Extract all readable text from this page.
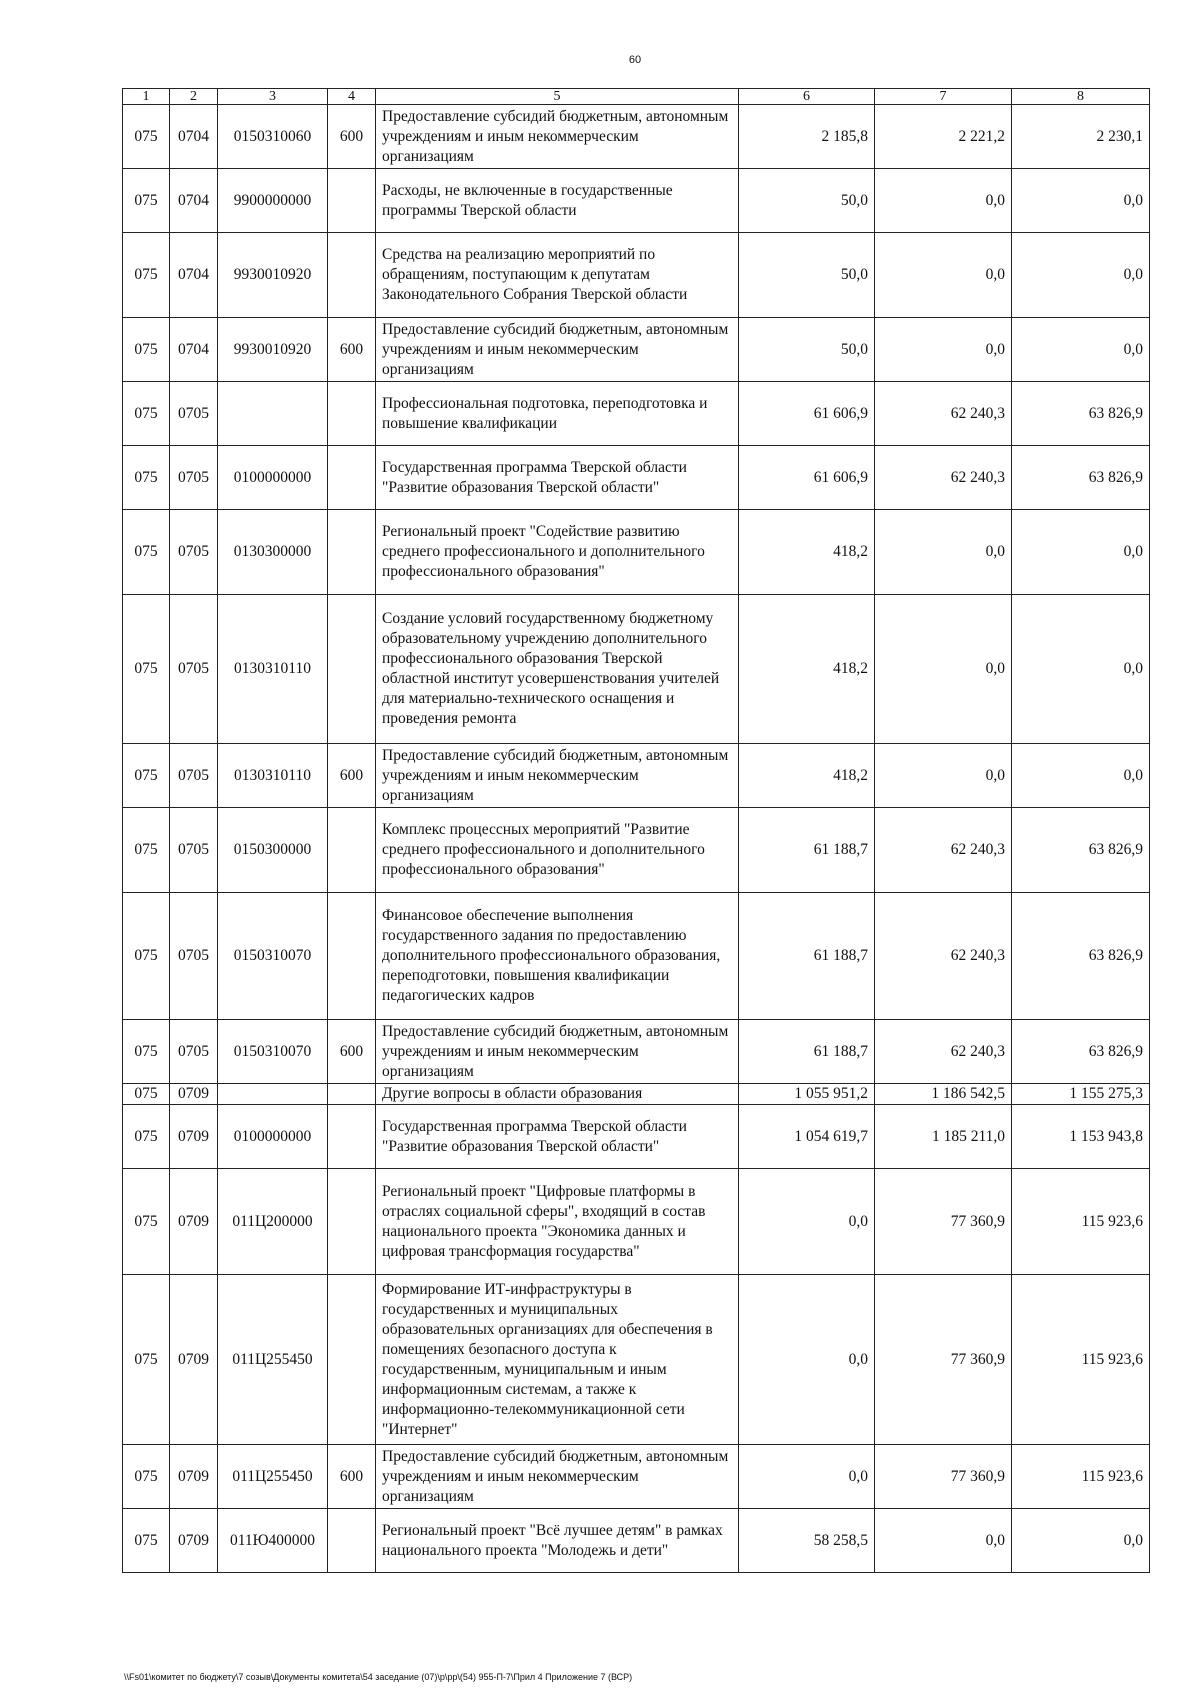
60
1	2	3	4	5	6	7	8
075	0704	0150310060	600	Предоставление субсидий бюджетным, автономным учреждениям и иным некоммерческим организациям	2 185,8	2 221,2	2 230,1
075	0704	9900000000		Расходы, не включенные в государственные программы Тверской области	50,0	0,0	0,0
075	0704	9930010920		Средства на реализацию мероприятий по обращениям, поступающим к депутатам Законодательного Собрания Тверской области	50,0	0,0	0,0
075	0704	9930010920	600	Предоставление субсидий бюджетным, автономным учреждениям и иным некоммерческим организациям	50,0	0,0	0,0
075	0705			Профессиональная подготовка, переподготовка и повышение квалификации	61 606,9	62 240,3	63 826,9
075	0705	0100000000		Государственная программа Тверской области "Развитие образования Тверской области"	61 606,9	62 240,3	63 826,9
075	0705	0130300000		Региональный проект "Содействие развитию среднего профессионального и дополнительного профессионального образования"	418,2	0,0	0,0
075	0705	0130310110		Создание условий государственному бюджетному образовательному учреждению дополнительного профессионального образования Тверской областной институт усовершенствования учителей для материально-технического оснащения и проведения ремонта	418,2	0,0	0,0
075	0705	0130310110	600	Предоставление субсидий бюджетным, автономным учреждениям и иным некоммерческим организациям	418,2	0,0	0,0
075	0705	0150300000		Комплекс процессных мероприятий "Развитие среднего профессионального и дополнительного профессионального образования"	61 188,7	62 240,3	63 826,9
075	0705	0150310070		Финансовое обеспечение выполнения государственного задания по предоставлению дополнительного профессионального образования, переподготовки, повышения квалификации педагогических кадров	61 188,7	62 240,3	63 826,9
075	0705	0150310070	600	Предоставление субсидий бюджетным, автономным учреждениям и иным некоммерческим организациям	61 188,7	62 240,3	63 826,9
075	0709			Другие вопросы в области образования	1 055 951,2	1 186 542,5	1 155 275,3
075	0709	0100000000		Государственная программа Тверской области "Развитие образования Тверской области"	1 054 619,7	1 185 211,0	1 153 943,8
075	0709	011Ц200000		Региональный проект "Цифровые платформы в отраслях социальной сферы", входящий в состав национального проекта "Экономика данных и цифровая трансформация государства"	0,0	77 360,9	115 923,6
075	0709	011Ц255450		Формирование ИТ-инфраструктуры в государственных и муниципальных образовательных организациях для обеспечения в помещениях безопасного доступа к государственным, муниципальным и иным информационным системам, а также к информационно-телекоммуникационной сети "Интернет"	0,0	77 360,9	115 923,6
075	0709	011Ц255450	600	Предоставление субсидий бюджетным, автономным учреждениям и иным некоммерческим организациям	0,0	77 360,9	115 923,6
075	0709	011Ю400000		Региональный проект "Всё лучшее детям" в рамках национального проекта "Молодежь и дети"	58 258,5	0,0	0,0
\\Fs01\комитет по бюджету\7 созыв\Документы комитета\54 заседание (07)\р\рр\(54) 955-П-7\Прил 4 Приложение 7 (ВСР)
